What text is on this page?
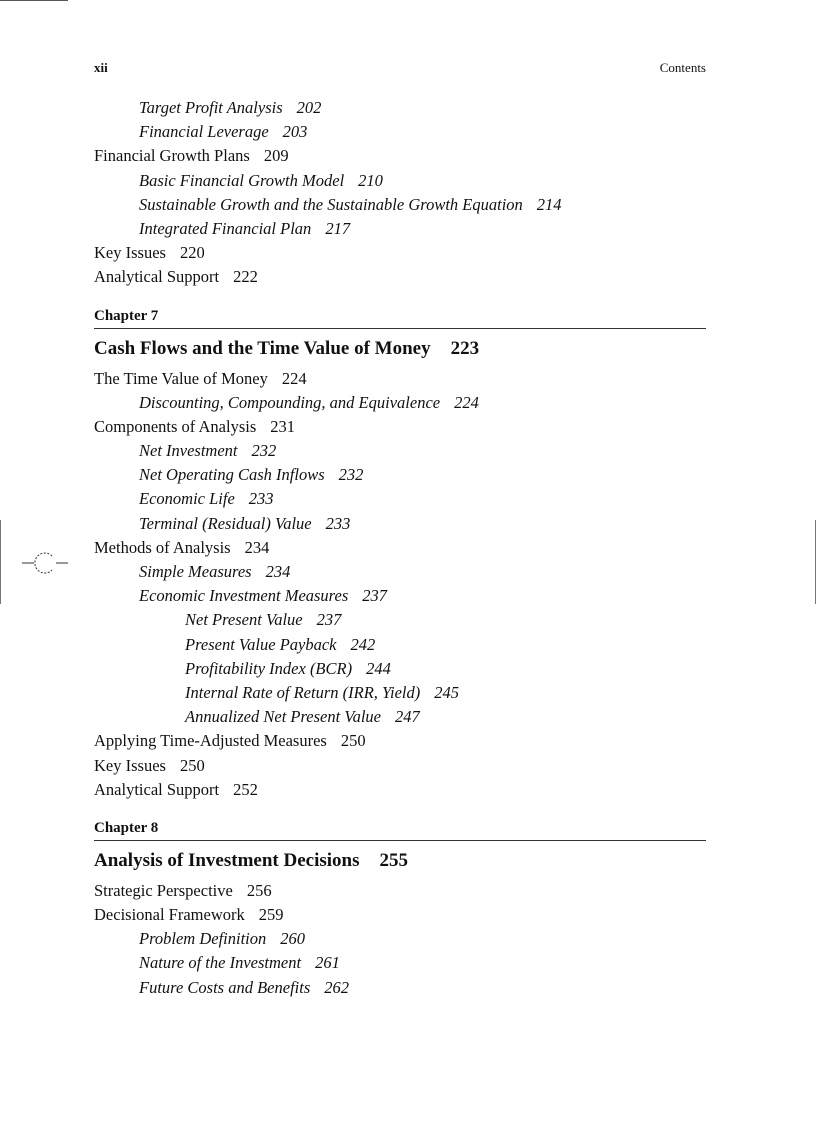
xii	Contents
Target Profit Analysis 202
Financial Leverage 203
Financial Growth Plans 209
Basic Financial Growth Model 210
Sustainable Growth and the Sustainable Growth Equation 214
Integrated Financial Plan 217
Key Issues 220
Analytical Support 222
Chapter 7
Cash Flows and the Time Value of Money 223
The Time Value of Money 224
Discounting, Compounding, and Equivalence 224
Components of Analysis 231
Net Investment 232
Net Operating Cash Inflows 232
Economic Life 233
Terminal (Residual) Value 233
Methods of Analysis 234
Simple Measures 234
Economic Investment Measures 237
Net Present Value 237
Present Value Payback 242
Profitability Index (BCR) 244
Internal Rate of Return (IRR, Yield) 245
Annualized Net Present Value 247
Applying Time-Adjusted Measures 250
Key Issues 250
Analytical Support 252
Chapter 8
Analysis of Investment Decisions 255
Strategic Perspective 256
Decisional Framework 259
Problem Definition 260
Nature of the Investment 261
Future Costs and Benefits 262
